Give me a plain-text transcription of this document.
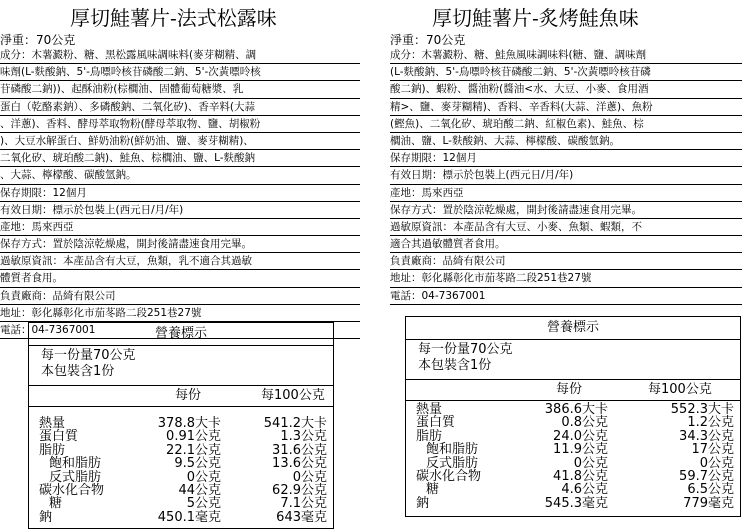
厚切鮭薯片-法式松露味
淨重：70公克
成分：木薯澱粉、糖、黑松露風味調味料(麥芽糊精、調
味劑(L-麩酸鈉、5'-鳥嘌呤核苷磷酸二鈉、5'-次黃嘌呤核
苷磷酸二鈉))、起酥油粉(棕櫚油、固體葡萄糖漿、乳
蛋白（乾酪素鈉）、多磷酸鈉、二氧化矽)、香辛料(大蒜
、洋蔥)、香料、酵母萃取物粉(酵母萃取物、鹽、胡椒粉
)、大豆水解蛋白、鮮奶油粉(鮮奶油、鹽、麥芽糊精)、
二氧化矽、琥珀酸二鈉)、鮭魚、棕櫚油、鹽、L-麩酸鈉
、大蒜、檸檬酸、碳酸氫鈉。
保存期限：12個月
有效日期：標示於包裝上(西元日/月/年)
產地：馬來西亞
保存方式：置於陰涼乾燥處，開封後請盡速食用完畢。
過敏原資訊：本產品含有大豆，魚類，乳不適合其過敏
體質者食用。
負責廠商：品綺有限公司
地址：彰化縣彰化市茄苳路二段251巷27號
電話：04-7367001	營養標示
每一份量70公克
本包裝含1份
每份	每100公克
熱量	378.8大卡	541.2大卡
蛋白質	0.91公克	1.3公克
脂肪	22.1公克	31.6公克
飽和脂肪	9.5公克	13.6公克
反式脂肪	0公克	0公克
碳水化合物	44公克	62.9公克
糖	5公克	7.1公克
鈉	450.1毫克	643毫克
厚切鮭薯片-炙烤鮭魚味
淨重：70公克
成分：木薯澱粉、糖、鮭魚風味調味料(糖、鹽、調味劑
(L-麩酸鈉、5'-鳥嘌呤核苷磷酸二鈉、5'-次黃嘌呤核苷磷
酸二鈉)、蝦粉、醬油粉(醬油<水、大豆、小麥、食用酒
精>、鹽、麥芽糊精)、香料、辛香料(大蒜、洋蔥)、魚粉
(鰹魚)、二氧化矽、琥珀酸二鈉、紅椒色素)、鮭魚、棕
櫚油、鹽、L-麩酸鈉、大蒜、檸檬酸、碳酸氫鈉。
保存期限：12個月
有效日期：標示於包裝上(西元日/月/年)
產地：馬來西亞
保存方式：置於陰涼乾燥處，開封後請盡速食用完畢。
過敏原資訊：本產品含有大豆、小麥、魚類、蝦類，不
適合其過敏體質者食用。
負責廠商：品綺有限公司
地址：彰化縣彰化市茄苳路二段251巷27號
電話：04-7367001
營養標示
每一份量70公克
本包裝含1份
每份	每100公克
熱量	386.6大卡	552.3大卡
蛋白質	0.8公克	1.2公克
脂肪	24.0公克	34.3公克
飽和脂肪	11.9公克	17公克
反式脂肪	0公克	0公克
碳水化合物	41.8公克	59.7公克
糖	4.6公克	6.5公克
鈉	545.3毫克	779毫克
